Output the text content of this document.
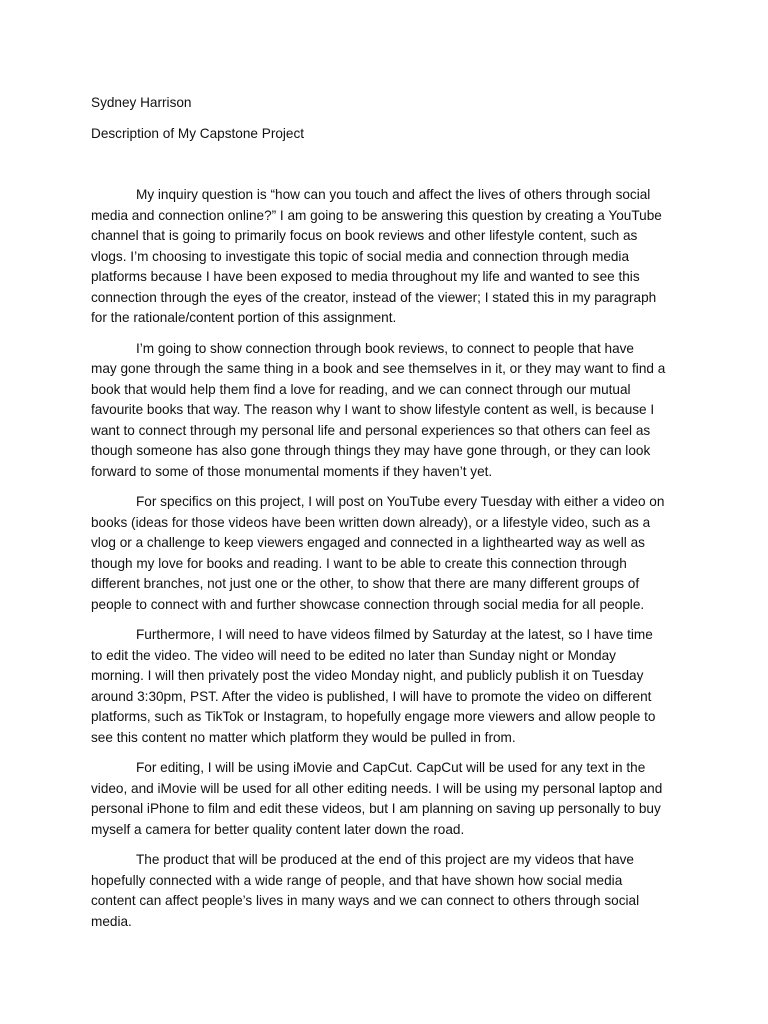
Sydney Harrison

Description of My Capstone Project

My inquiry question is “how can you touch and affect the lives of others through social
media and connection online?” I am going to be answering this question by creating a YouTube
channel that is going to primarily focus on book reviews and other lifestyle content, such as
vlogs. I’m choosing to investigate this topic of social media and connection through media
platforms because I have been exposed to media throughout my life and wanted to see this
connection through the eyes of the creator, instead of the viewer; I stated this in my paragraph
for the rationale/content portion of this assignment.

I’m going to show connection through book reviews, to connect to people that have
may gone through the same thing in a book and see themselves in it, or they may want to find a
book that would help them find a love for reading, and we can connect through our mutual
favourite books that way. The reason why I want to show lifestyle content as well, is because I
want to connect through my personal life and personal experiences so that others can feel as
though someone has also gone through things they may have gone through, or they can look
forward to some of those monumental moments if they haven’t yet.

For specifics on this project, I will post on YouTube every Tuesday with either a video on
books (ideas for those videos have been written down already), or a lifestyle video, such as a
vlog or a challenge to keep viewers engaged and connected in a lighthearted way as well as
though my love for books and reading. I want to be able to create this connection through
different branches, not just one or the other, to show that there are many different groups of
people to connect with and further showcase connection through social media for all people.

Furthermore, I will need to have videos filmed by Saturday at the latest, so I have time
to edit the video. The video will need to be edited no later than Sunday night or Monday
morning. I will then privately post the video Monday night, and publicly publish it on Tuesday
around 3:30pm, PST. After the video is published, I will have to promote the video on different
platforms, such as TikTok or Instagram, to hopefully engage more viewers and allow people to
see this content no matter which platform they would be pulled in from.

For editing, I will be using iMovie and CapCut. CapCut will be used for any text in the
video, and iMovie will be used for all other editing needs. I will be using my personal laptop and
personal iPhone to film and edit these videos, but I am planning on saving up personally to buy
myself a camera for better quality content later down the road.

The product that will be produced at the end of this project are my videos that have
hopefully connected with a wide range of people, and that have shown how social media
content can affect people’s lives in many ways and we can connect to others through social
media.
